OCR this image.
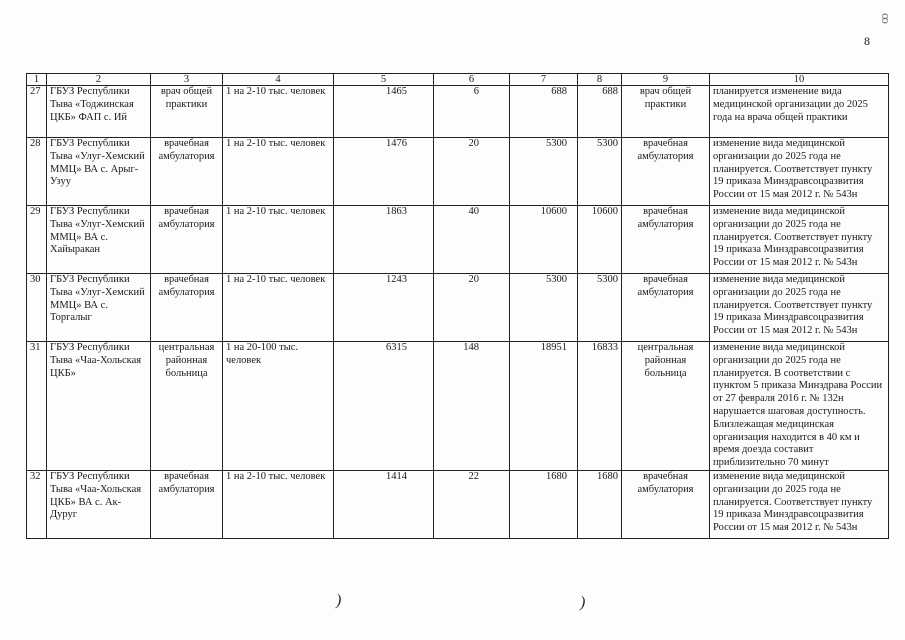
ꝏ
8
1	2	3	4	5	6	7	8	9	10
27	ГБУЗ Республики Тыва «Тоджинская ЦКБ» ФАП с. Ий	врач общей практики	1 на 2-10 тыс. человек	1465	6	688	688	врач общей практики	планируется изменение вида медицинской организации до 2025 года на врача общей практики
28	ГБУЗ Республики Тыва «Улуг-Хемский ММЦ» ВА с. Арыг-Узуу	врачебная амбулатория	1 на 2-10 тыс. человек	1476	20	5300	5300	врачебная амбулатория	изменение вида медицинской организации до 2025 года не планируется. Соответствует пункту 19 приказа Минздравсоцразвития России от 15 мая 2012 г. № 543н
29	ГБУЗ Республики Тыва «Улуг-Хемский ММЦ» ВА с. Хайыракан	врачебная амбулатория	1 на 2-10 тыс. человек	1863	40	10600	10600	врачебная амбулатория	изменение вида медицинской организации до 2025 года не планируется. Соответствует пункту 19 приказа Минздравсоцразвития России от 15 мая 2012 г. № 543н
30	ГБУЗ Республики Тыва «Улуг-Хемский ММЦ» ВА с. Торгалыг	врачебная амбулатория	1 на 2-10 тыс. человек	1243	20	5300	5300	врачебная амбулатория	изменение вида медицинской организации до 2025 года не планируется. Соответствует пункту 19 приказа Минздравсоцразвития России от 15 мая 2012 г. № 543н
31	ГБУЗ Республики Тыва «Чаа-Хольская ЦКБ»	центральная районная больница	1 на 20-100 тыс. человек	6315	148	18951	16833	центральная районная больница	изменение вида медицинской организации до 2025 года не планируется. В соответствии с пунктом 5 приказа Минздрава России от 27 февраля 2016 г. № 132н нарушается шаговая доступность. Близлежащая медицинская организация находится в 40 км и время доезда составит приблизительно 70 минут
32	ГБУЗ Республики Тыва «Чаа-Хольская ЦКБ» ВА с. Ак-Дуруг	врачебная амбулатория	1 на 2-10 тыс. человек	1414	22	1680	1680	врачебная амбулатория	изменение вида медицинской организации до 2025 года не планируется. Соответствует пункту 19 приказа Минздравсоцразвития России от 15 мая 2012 г. № 543н
)	)
